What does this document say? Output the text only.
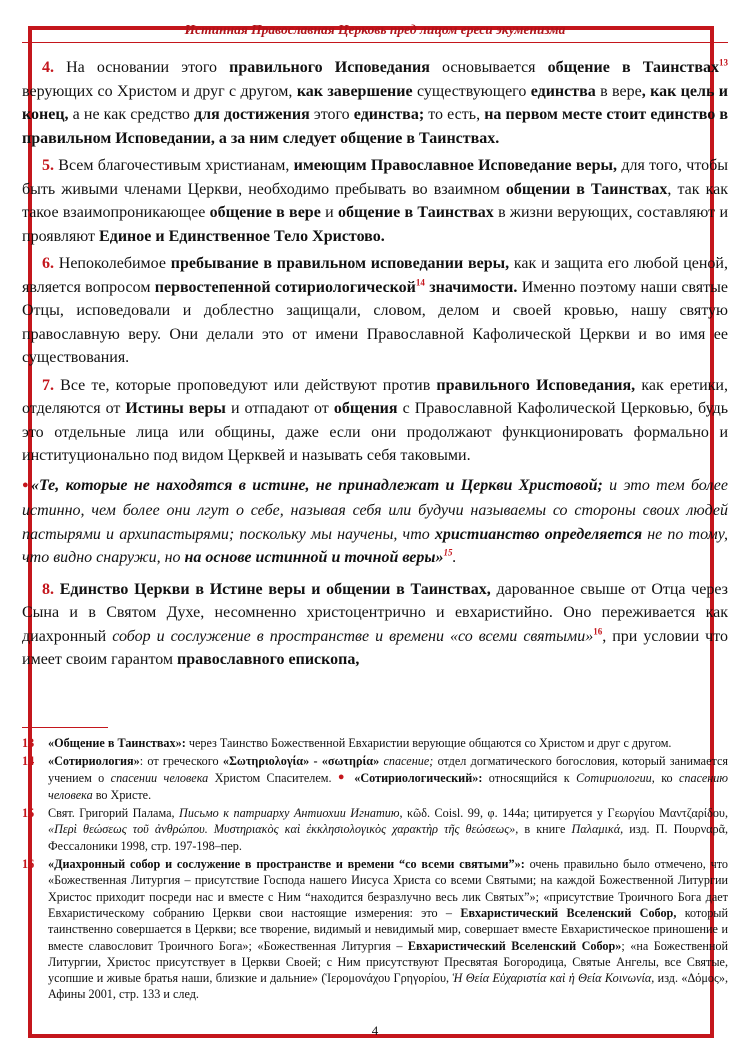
Истинная Православная Церковь пред лицом ереси экуменизма

4. На основании этого правильного Исповедания основывается общение в Таинствах$^{13}$ верующих со Христом и друг с другом, как завершение существующего единства в вере, как цель и конец, а не как средство для достижения этого единства; то есть, на первом месте стоит единство в правильном Исповедании, а за ним следует общение в Таинствах.

5. Всем благочестивым христианам, имеющим Православное Исповедание веры, для того, чтобы быть живыми членами Церкви, необходимо пребывать во взаимном общении в Таинствах, так как такое взаимопроникающее общение в вере и общение в Таинствах в жизни верующих, составляют и проявляют Единое и Единственное Тело Христово.

6. Непоколебимое пребывание в правильном исповедании веры, как и защита его любой ценой, является вопросом первостепенной сотириологической$^{14}$ значимости. Именно поэтому наши святые Отцы, исповедовали и доблестно защищали, словом, делом и своей кровью, нашу святую православную веру. Они делали это от имени Православной Кафолической Церкви и во имя ее существования.

7. Все те, которые проповедуют или действуют против правильного Исповедания, как еретики, отделяются от Истины веры и отпадают от общения с Православной Кафолической Церковью, будь это отдельные лица или общины, даже если они продолжают функционировать формально и институционально под видом Церквей и называть себя таковыми.

●«Те, которые не находятся в истине, не принадлежат и Церкви Христовой; и это тем более истинно, чем более они лгут о себе, называя себя или будучи называемы со стороны своих людей пастырями и архипастырями; поскольку мы научены, что христианство определяется не по тому, что видно снаружи, но на основе истинной и точной веры»$^{15}$.

8. Единство Церкви в Истине веры и общении в Таинствах, дарованное свыше от Отца через Сына и в Святом Духе, несомненно христоцентрично и евхаристийно. Оно переживается как диахронный собор и сослужение в пространстве и времени «со всеми святыми»$^{16}$, при условии что имеет своим гарантом православного епископа,

13	«Общение в Таинствах»: через Таинство Божественной Евхаристии верующие общаются со Христом и друг с другом.
14	«Сотириология»: от греческого «Σωτηριολογία» - «σωτηρία» спасение; отдел догматического богословия, который занимается учением о спасении человека Христом Спасителем. ● «Сотириологический»: относящийся к Сотириологии, ко спасению человека во Христе.
15	Свят. Григорий Палама, Письмо к патриарху Антиохии Игнатию, κῶδ. Coisl. 99, φ. 144а; цитируется у Γεωργίου Μαντζαρίδου, «Περὶ θεώσεως τοῦ ἀνθρώπου. Μυστηριακὸς καὶ ἐκκλησιολογικὸς χαρακτὴρ τῆς θεώσεως», в книге Παλαμικά, изд. Π. Πουρναρᾶ, Фессалоники 1998, стр. 197-198–пер.
16	«Диахронный собор и сослужение в пространстве и времени “со всеми святыми”»: очень правильно было отмечено, что «Божественная Литургия – присутствие Господа нашего Иисуса Христа со всеми Святыми; на каждой Божественной Литургии Христос приходит посреди нас и вместе с Ним “находится безразлучно весь лик Святых”»; «присутствие Троичного Бога дает Евхаристическому собранию Церкви свои настоящие измерения: это – Евхаристический Вселенский Собор, который таинственно совершается в Церкви; все творение, видимый и невидимый мир, совершает вместе Евхаристическое приношение и вместе славословит Троичного Бога»; «Божественная Литургия – Евхаристический Вселенский Собор»; «на Божественной Литургии, Христос присутствует в Церкви Своей; с Ним присутствуют Пресвятая Богородица, Святые Ангелы, все Святые, усопшие и живые братья наши, близкие и дальние» (Ἱερομονάχου Γρηγορίου, Ἡ Θεία Εὐχαριστία καὶ ἡ Θεία Κοινωνία, изд. «Δόμος», Афины 2001, стр. 133 и след.
4
